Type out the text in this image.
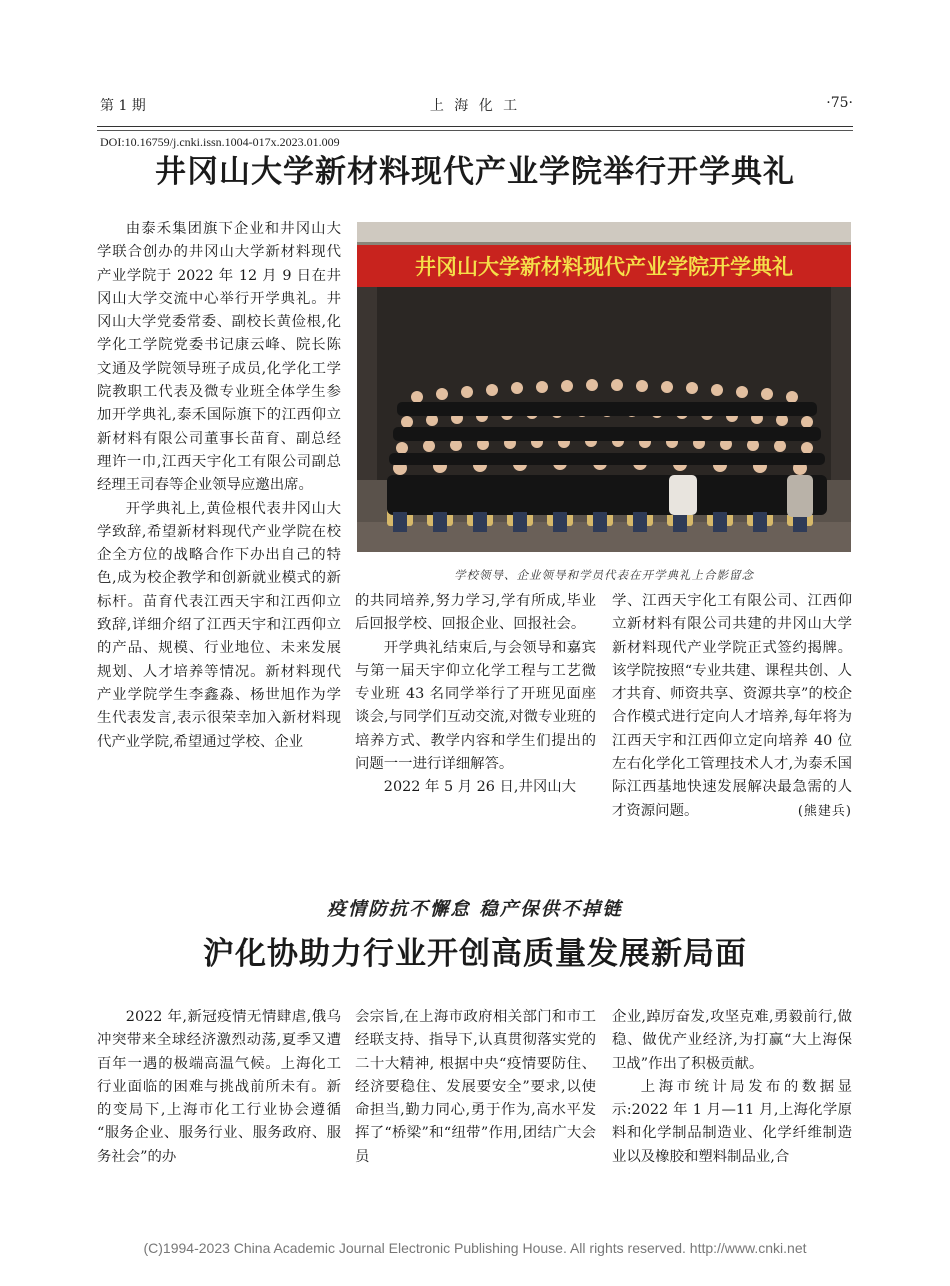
第 1 期	上 海 化 工	·75·
DOI:10.16759/j.cnki.issn.1004-017x.2023.01.009
井冈山大学新材料现代产业学院举行开学典礼

由泰禾集团旗下企业和井冈山大学联合创办的井冈山大学新材料现代产业学院于 2022 年 12 月 9 日在井冈山大学交流中心举行开学典礼。井冈山大学党委常委、副校长黄俭根,化学化工学院党委书记康云峰、院长陈文通及学院领导班子成员,化学化工学院教职工代表及微专业班全体学生参加开学典礼,泰禾国际旗下的江西仰立新材料有限公司董事长苗育、副总经理许一巾,江西天宇化工有限公司副总经理王司春等企业领导应邀出席。

开学典礼上,黄俭根代表井冈山大学致辞,希望新材料现代产业学院在校企全方位的战略合作下办出自己的特色,成为校企教学和创新就业模式的新标杆。苗育代表江西天宇和江西仰立致辞,详细介绍了江西天宇和江西仰立的产品、规模、行业地位、未来发展规划、人才培养等情况。新材料现代产业学院学生李鑫淼、杨世旭作为学生代表发言,表示很荣幸加入新材料现代产业学院,希望通过学校、企业

井冈山大学新材料现代产业学院开学典礼
学校领导、企业领导和学员代表在开学典礼上合影留念

的共同培养,努力学习,学有所成,毕业后回报学校、回报企业、回报社会。

开学典礼结束后,与会领导和嘉宾与第一届天宇仰立化学工程与工艺微专业班 43 名同学举行了开班见面座谈会,与同学们互动交流,对微专业班的培养方式、教学内容和学生们提出的问题一一进行详细解答。

2022 年 5 月 26 日,井冈山大

学、江西天宇化工有限公司、江西仰立新材料有限公司共建的井冈山大学新材料现代产业学院正式签约揭牌。该学院按照“专业共建、课程共创、人才共育、师资共享、资源共享”的校企合作模式进行定向人才培养,每年将为江西天宇和江西仰立定向培养 40 位左右化学化工管理技术人才,为泰禾国际江西基地快速发展解决最急需的人才资源问题。	(熊建兵)

疫情防抗不懈怠 稳产保供不掉链
沪化协助力行业开创高质量发展新局面

2022 年,新冠疫情无情肆虐,俄乌冲突带来全球经济激烈动荡,夏季又遭百年一遇的极端高温气候。上海化工行业面临的困难与挑战前所未有。新的变局下,上海市化工行业协会遵循 “服务企业、服务行业、服务政府、服务社会”的办

会宗旨,在上海市政府相关部门和市工经联支持、指导下,认真贯彻落实党的二十大精神, 根据中央“疫情要防住、经济要稳住、发展要安全”要求,以使命担当,勤力同心,勇于作为,高水平发挥了“桥梁”和“纽带”作用,团结广大会员

企业,踔厉奋发,攻坚克难,勇毅前行,做稳、做优产业经济,为打赢“大上海保卫战”作出了积极贡献。

上海市统计局发布的数据显示:2022 年 1 月—11 月,上海化学原料和化学制品制造业、化学纤维制造业以及橡胶和塑料制品业,合

(C)1994-2023 China Academic Journal Electronic Publishing House. All rights reserved. http://www.cnki.net
